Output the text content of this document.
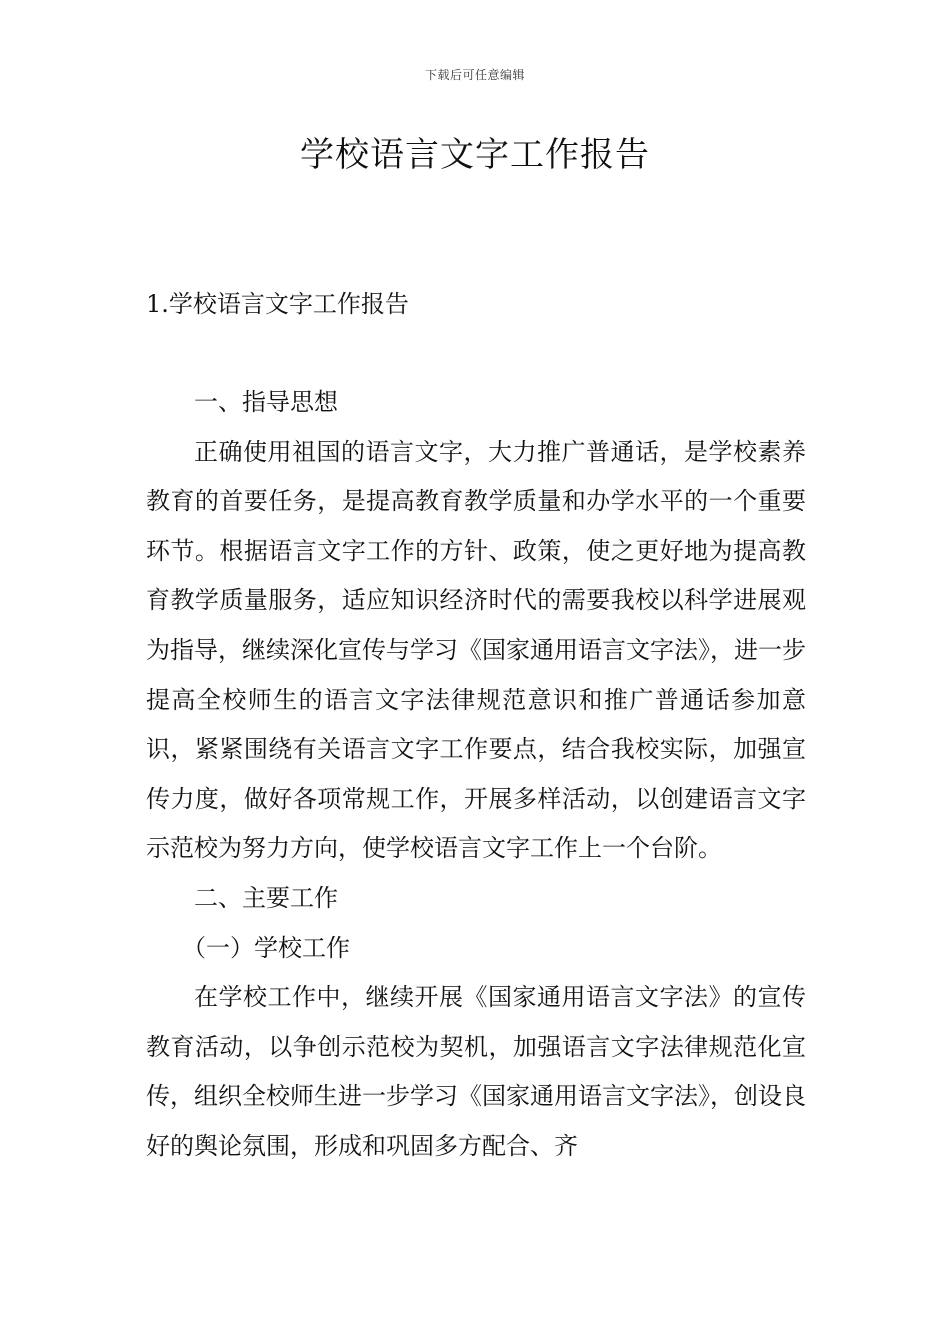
下载后可任意编辑
学校语言文字工作报告
1.学校语言文字工作报告

一、指导思想

正确使用祖国的语言文字，大力推广普通话，是学校素养教育的首要任务，是提高教育教学质量和办学水平的一个重要环节。根据语言文字工作的方针、政策，使之更好地为提高教育教学质量服务，适应知识经济时代的需要我校以科学进展观为指导，继续深化宣传与学习《国家通用语言文字法》，进一步提高全校师生的语言文字法律规范意识和推广普通话参加意识，紧紧围绕有关语言文字工作要点，结合我校实际，加强宣传力度，做好各项常规工作，开展多样活动，以创建语言文字示范校为努力方向，使学校语言文字工作上一个台阶。

二、主要工作

（一）学校工作

在学校工作中，继续开展《国家通用语言文字法》的宣传教育活动，以争创示范校为契机，加强语言文字法律规范化宣传，组织全校师生进一步学习《国家通用语言文字法》，创设良好的舆论氛围，形成和巩固多方配合、齐
